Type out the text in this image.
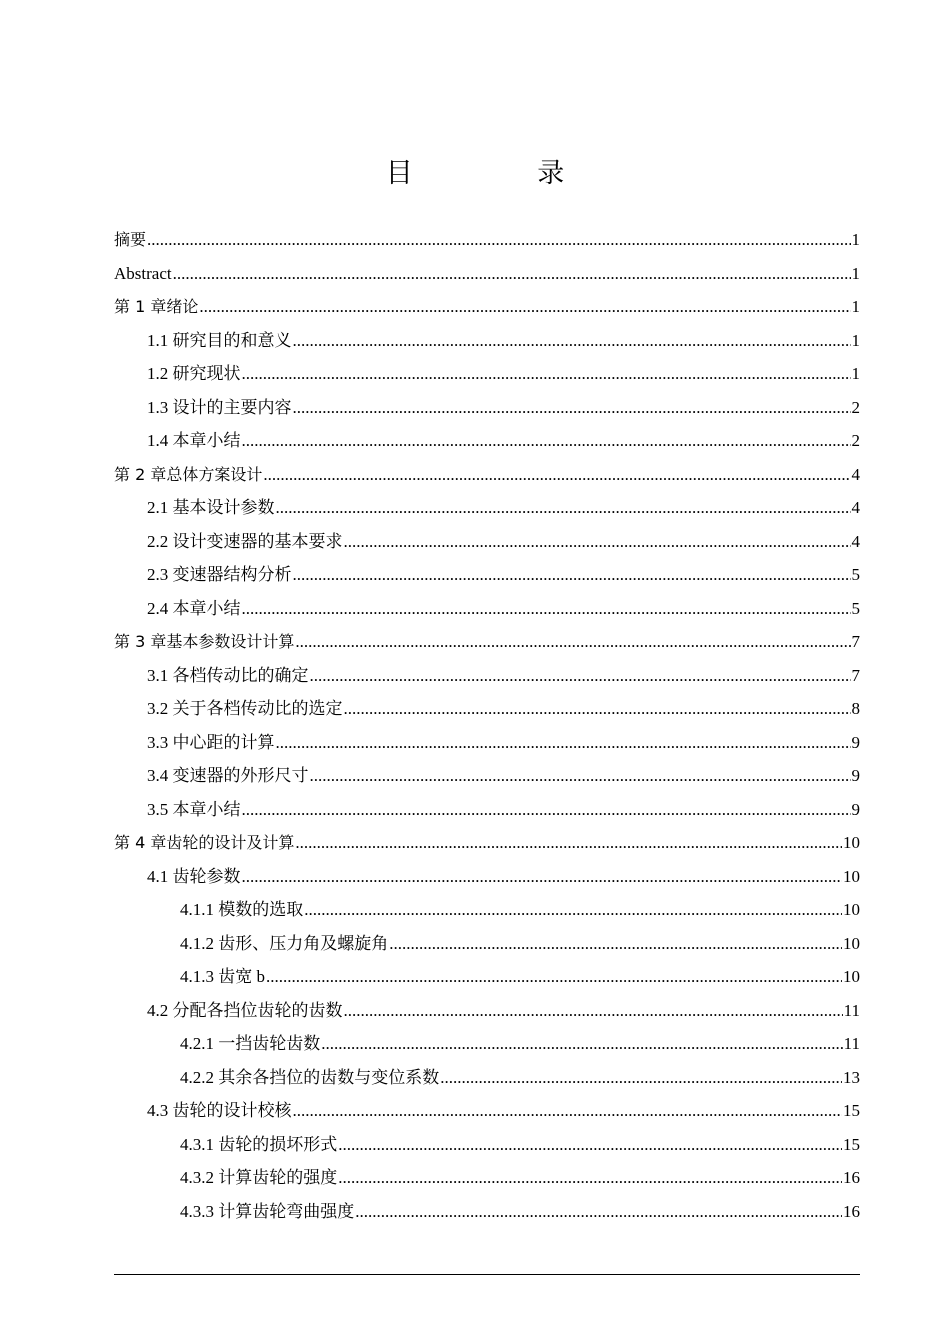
目 录
摘要 .....	1
Abstract .....	1
第 1 章绪论 .....	1
1.1 研究目的和意义 .....	1
1.2 研究现状 .....	1
1.3 设计的主要内容 .....	2
1.4 本章小结 .....	2
第 2 章总体方案设计 .....	4
2.1 基本设计参数 .....	4
2.2 设计变速器的基本要求 .....	4
2.3 变速器结构分析 .....	5
2.4 本章小结 .....	5
第 3 章基本参数设计计算 .....	7
3.1 各档传动比的确定 .....	7
3.2 关于各档传动比的选定 .....	8
3.3 中心距的计算 .....	9
3.4 变速器的外形尺寸 .....	9
3.5 本章小结 .....	9
第 4 章齿轮的设计及计算 .....	10
4.1 齿轮参数 .....	10
4.1.1 模数的选取 .....	10
4.1.2 齿形、压力角及螺旋角 .....	10
4.1.3 齿宽 b .....	10
4.2 分配各挡位齿轮的齿数 .....	11
4.2.1 一挡齿轮齿数 .....	11
4.2.2 其余各挡位的齿数与变位系数 .....	13
4.3 齿轮的设计校核 .....	15
4.3.1 齿轮的损坏形式 .....	15
4.3.2 计算齿轮的强度 .....	16
4.3.3 计算齿轮弯曲强度 .....	16
